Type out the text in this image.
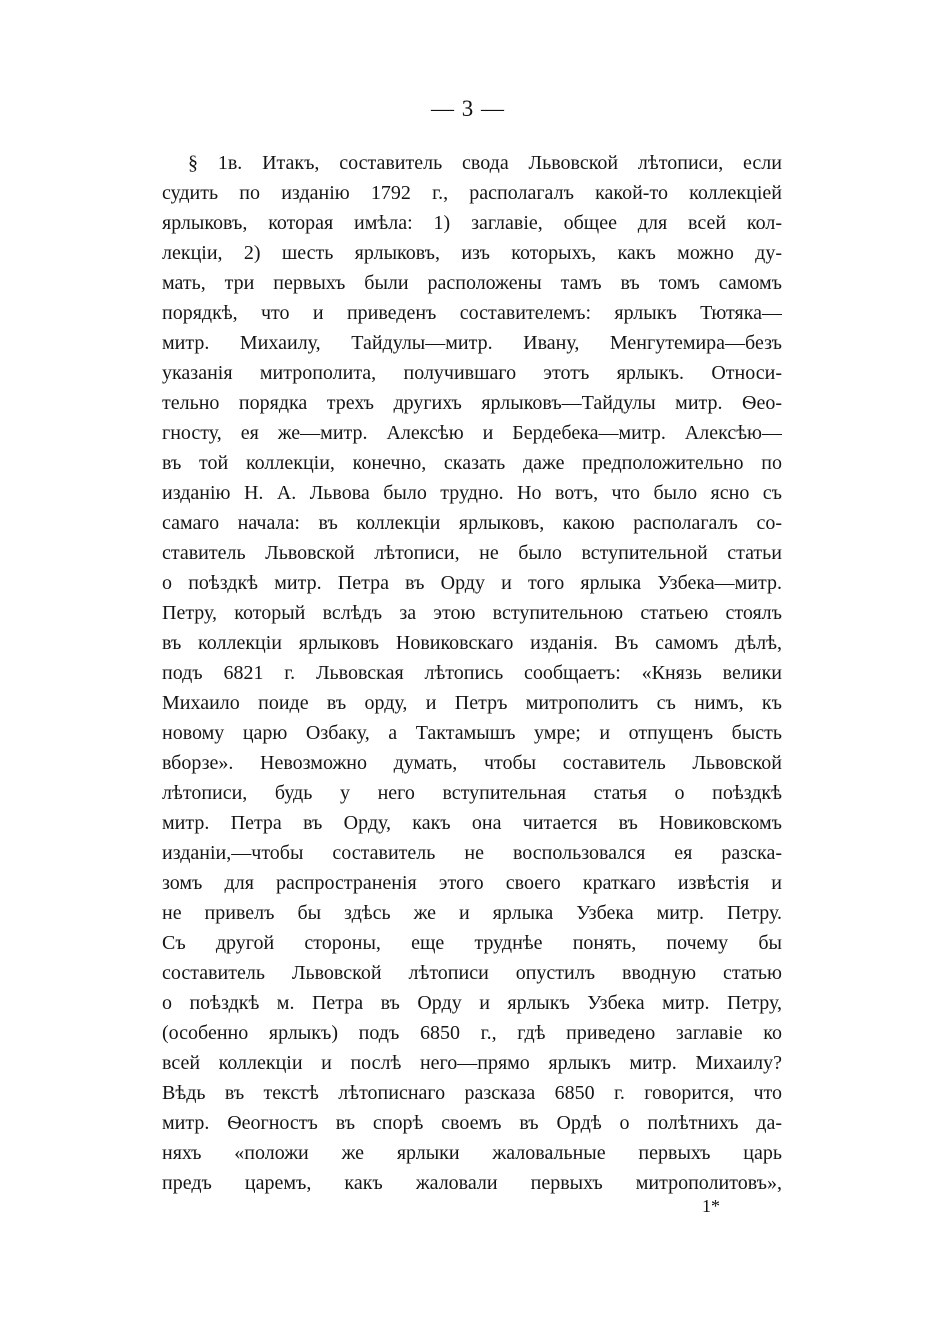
— 3 —
§ 1в. Итакъ, составитель свода Львовской лѣтописи, если
судить по изданію 1792 г., располагалъ какой-то коллекціей
ярлыковъ, которая имѣла: 1) заглавіе, общее для всей кол-
лекціи, 2) шесть ярлыковъ, изъ которыхъ, какъ можно ду-
мать, три первыхъ были расположены тамъ въ томъ самомъ
порядкѣ, что и приведенъ составителемъ: ярлыкъ Тютяка—
митр. Михаилу, Тайдулы—митр. Ивану, Менгутемира—безъ
указанія митрополита, получившаго этотъ ярлыкъ. Относи-
тельно порядка трехъ другихъ ярлыковъ—Тайдулы митр. Ѳео-
гносту, ея же—митр. Алексѣю и Бердебека—митр. Алексѣю—
въ той коллекціи, конечно, сказать даже предположительно по
изданію Н. А. Львова было трудно. Но вотъ, что было ясно съ
самаго начала: въ коллекціи ярлыковъ, какою располагалъ со-
ставитель Львовской лѣтописи, не было вступительной статьи
о поѣздкѣ митр. Петра въ Орду и того ярлыка Узбека—митр.
Петру, который вслѣдъ за этою вступительною статьею стоялъ
въ коллекціи ярлыковъ Новиковскаго изданія. Въ самомъ дѣлѣ,
подъ 6821 г. Львовская лѣтопись сообщаетъ: «Князь велики
Михаило поиде въ орду, и Петръ митрополитъ съ нимъ, къ
новому царю Озбаку, а Тактамышъ умре; и отпущенъ бысть
вборзе». Невозможно думать, чтобы составитель Львовской
лѣтописи, будь у него вступительная статья о поѣздкѣ
митр. Петра въ Орду, какъ она читается въ Новиковскомъ
изданіи,—чтобы составитель не воспользовался ея разска-
зомъ для распространенія этого своего краткаго извѣстія и
не привелъ бы здѣсь же и ярлыка Узбека митр. Петру.
Съ другой стороны, еще труднѣе понять, почему бы
составитель Львовской лѣтописи опустилъ вводную статью
о поѣздкѣ м. Петра въ Орду и ярлыкъ Узбека митр. Петру,
(особенно ярлыкъ) подъ 6850 г., гдѣ приведено заглавіе ко
всей коллекціи и послѣ него—прямо ярлыкъ митр. Михаилу?
Вѣдь въ текстѣ лѣтописнаго разсказа 6850 г. говорится, что
митр. Ѳеогностъ въ спорѣ своемъ въ Ордѣ о полѣтнихъ да-
няхъ «положи же ярлыки жаловальные первыхъ царь
предъ царемъ, какъ жаловали первыхъ митрополитовъ»,
1*
